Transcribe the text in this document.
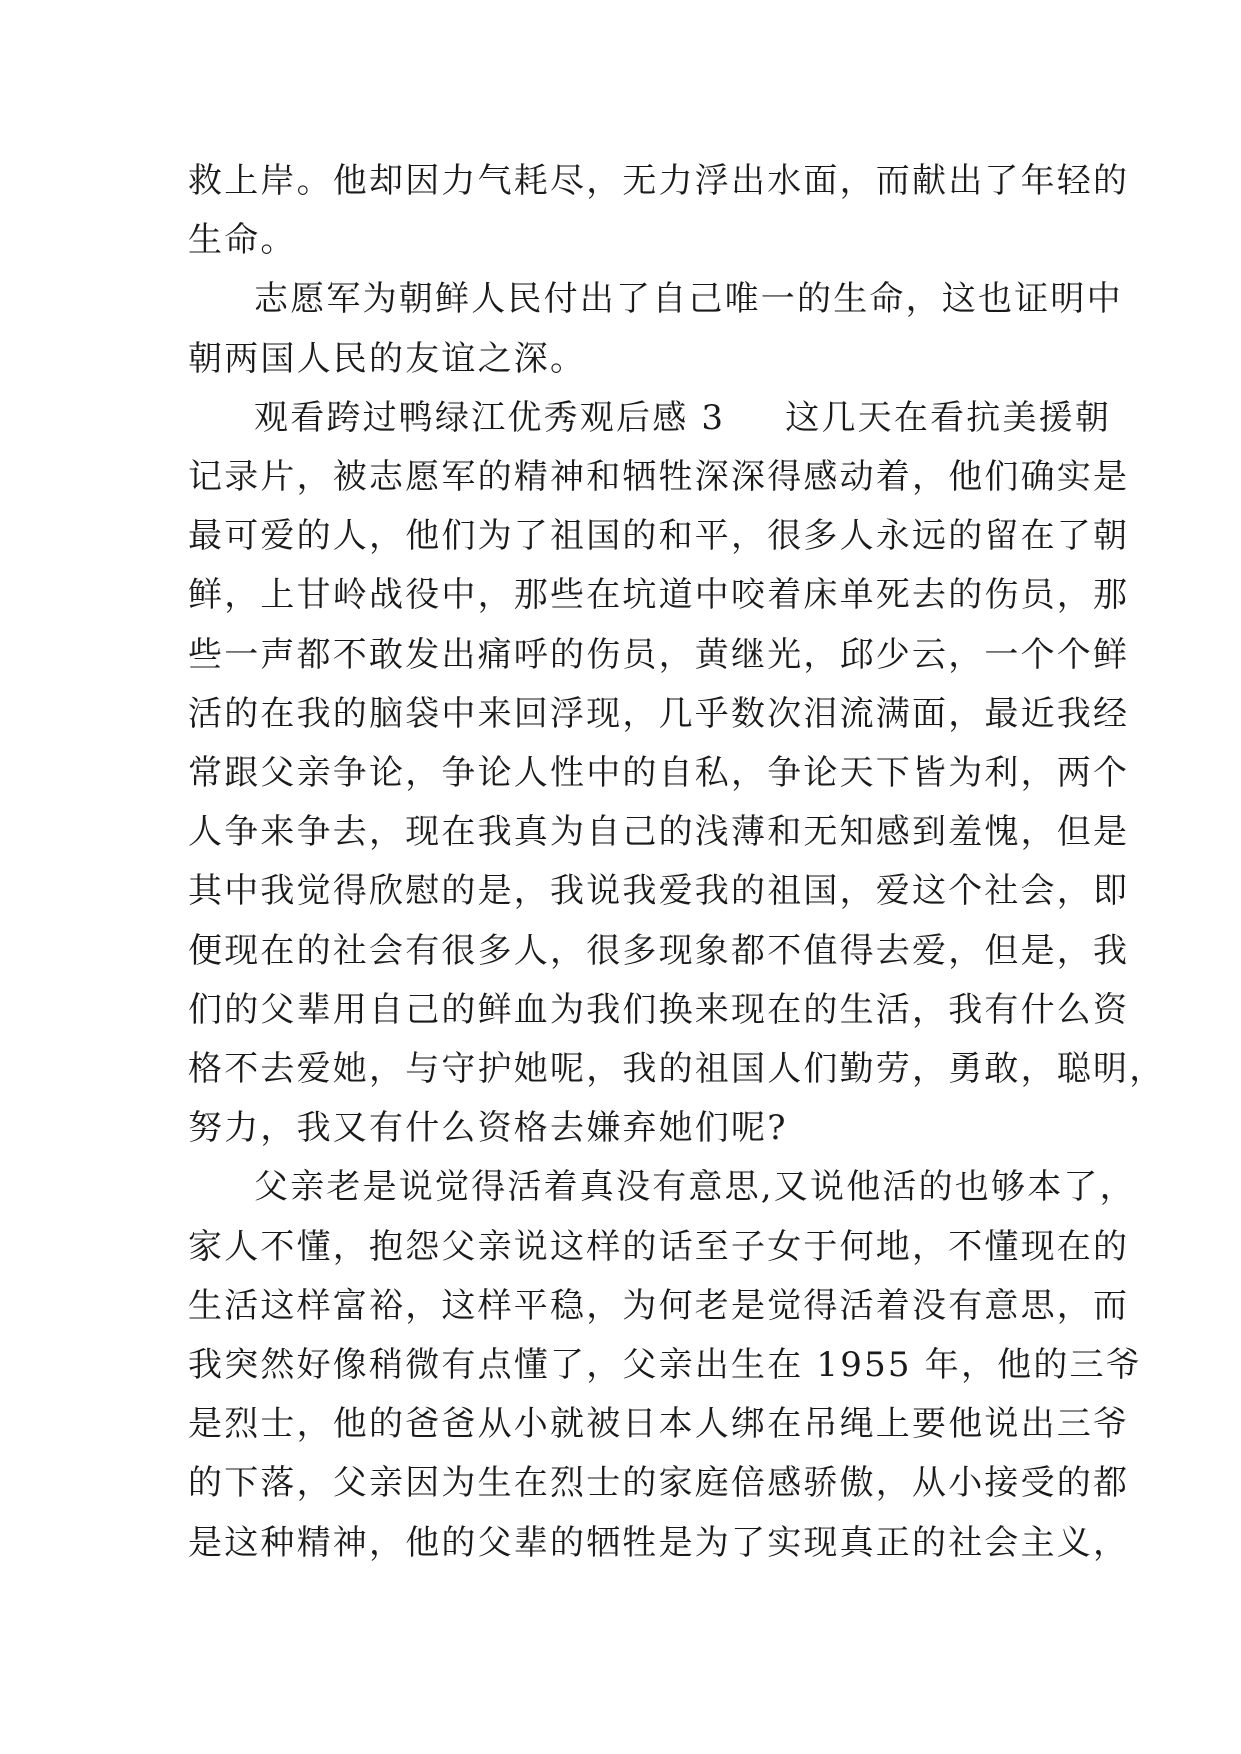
救上岸。他却因力气耗尽，无力浮出水面，而献出了年轻的
生命。
志愿军为朝鲜人民付出了自己唯一的生命，这也证明中
朝两国人民的友谊之深。
观看跨过鸭绿江优秀观后感 3 这几天在看抗美援朝
记录片，被志愿军的精神和牺牲深深得感动着，他们确实是
最可爱的人，他们为了祖国的和平，很多人永远的留在了朝
鲜，上甘岭战役中，那些在坑道中咬着床单死去的伤员，那
些一声都不敢发出痛呼的伤员，黄继光，邱少云，一个个鲜
活的在我的脑袋中来回浮现，几乎数次泪流满面，最近我经
常跟父亲争论，争论人性中的自私，争论天下皆为利，两个
人争来争去，现在我真为自己的浅薄和无知感到羞愧，但是
其中我觉得欣慰的是，我说我爱我的祖国，爱这个社会，即
便现在的社会有很多人，很多现象都不值得去爱，但是，我
们的父辈用自己的鲜血为我们换来现在的生活，我有什么资
格不去爱她，与守护她呢，我的祖国人们勤劳，勇敢，聪明，
努力，我又有什么资格去嫌弃她们呢?
父亲老是说觉得活着真没有意思,又说他活的也够本了，
家人不懂，抱怨父亲说这样的话至子女于何地，不懂现在的
生活这样富裕，这样平稳，为何老是觉得活着没有意思，而
我突然好像稍微有点懂了，父亲出生在 1955 年，他的三爷
是烈士，他的爸爸从小就被日本人绑在吊绳上要他说出三爷
的下落，父亲因为生在烈士的家庭倍感骄傲，从小接受的都
是这种精神，他的父辈的牺牲是为了实现真正的社会主义，
